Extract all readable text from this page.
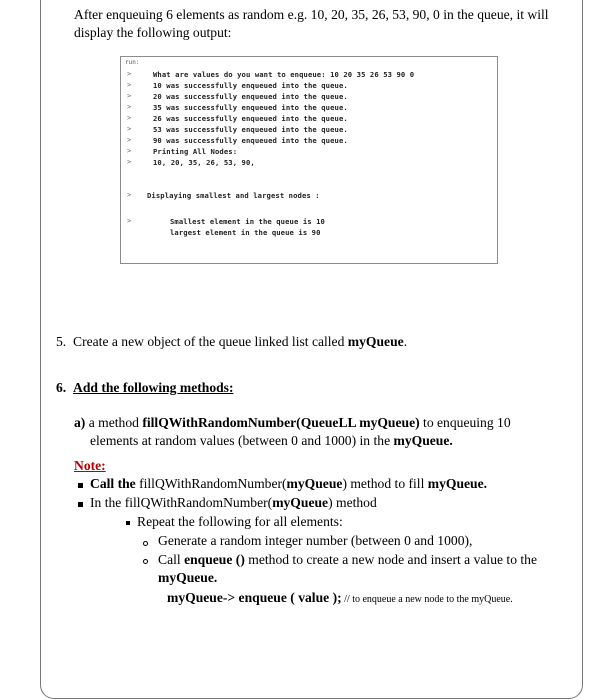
After enqueuing 6 elements as random e.g. 10, 20, 35, 26, 53, 90, 0 in the queue, it will
display the following output:
run:
>
>
>
>
>
>
>
>
>
>
>
What are values do you want to enqueue: 10 20 35 26 53 90 0
10 was successfully enqueued into the queue.
20 was successfully enqueued into the queue.
35 was successfully enqueued into the queue.
26 was successfully enqueued into the queue.
53 was successfully enqueued into the queue.
90 was successfully enqueued into the queue.
Printing All Nodes:
10, 20, 35, 26, 53, 90,
Displaying smallest and largest nodes :
Smallest element in the queue is 10
largest element in the queue is 90
5. Create a new object of the queue linked list called myQueue.
6. Add the following methods:
a) a method fillQWithRandomNumber(QueueLL myQueue) to enqueuing 10
elements at random values (between 0 and 1000) in the myQueue.
Note:
Call the fillQWithRandomNumber(myQueue) method to fill myQueue.
In the fillQWithRandomNumber(myQueue) method
Repeat the following for all elements:
Generate a random integer number (between 0 and 1000),
Call enqueue () method to create a new node and insert a value to the
myQueue.
myQueue-> enqueue ( value ); // to enqueue a new node to the myQueue.
